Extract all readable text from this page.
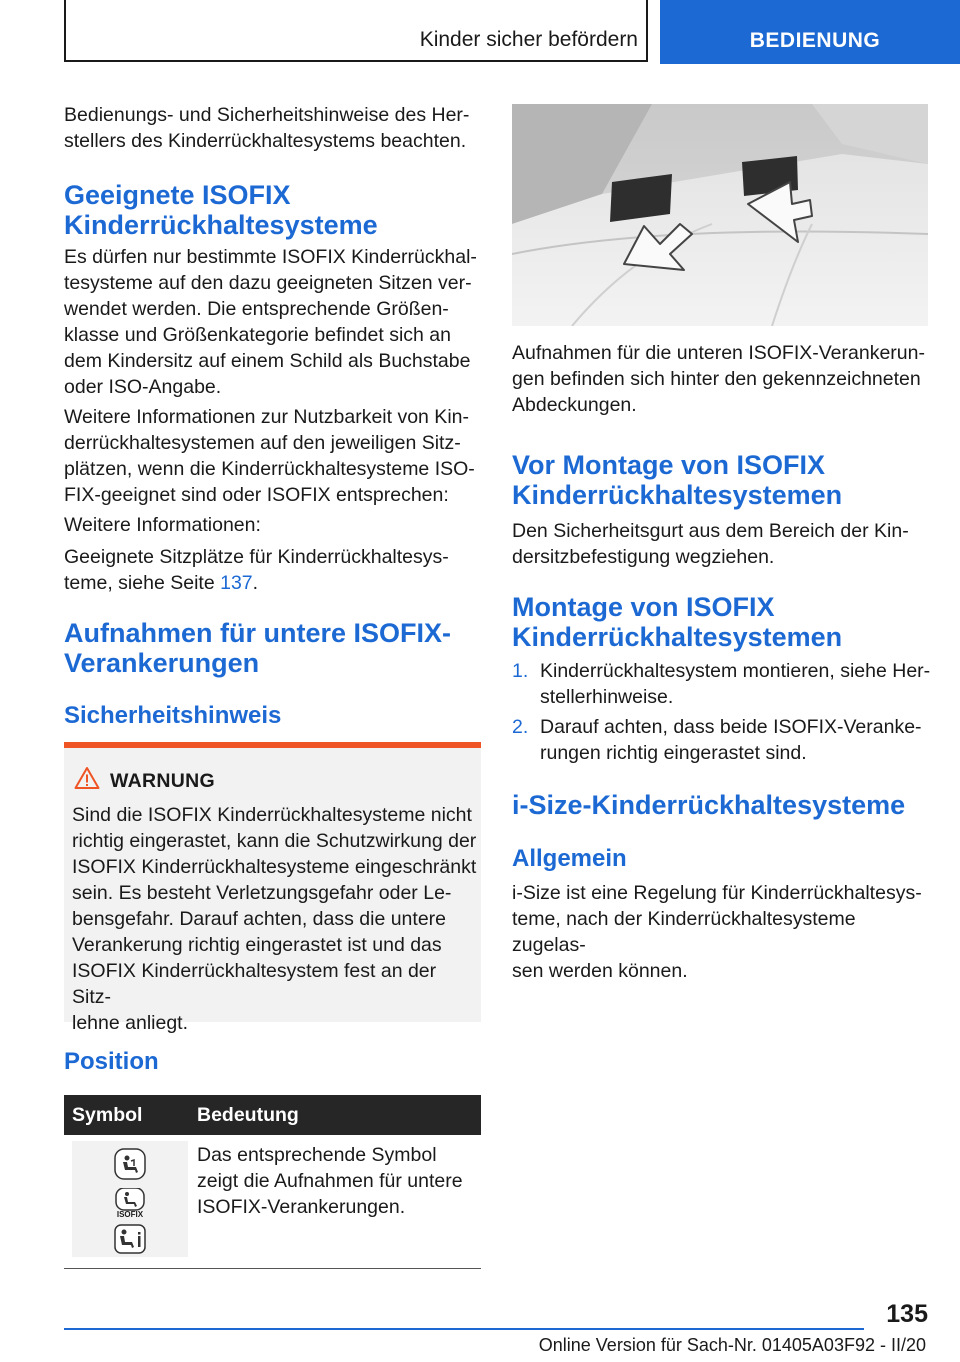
Kinder sicher befördern	BEDIENUNG
Bedienungs- und Sicherheitshinweise des Her-
stellers des Kinderrückhaltesystems beachten.
Geeignete ISOFIX
Kinderrückhaltesysteme
Es dürfen nur bestimmte ISOFIX Kinderrückhal-
tesysteme auf den dazu geeigneten Sitzen ver-
wendet werden. Die entsprechende Größen-
klasse und Größenkategorie befindet sich an
dem Kindersitz auf einem Schild als Buchstabe
oder ISO-Angabe.
Weitere Informationen zur Nutzbarkeit von Kin-
derrückhaltesystemen auf den jeweiligen Sitz-
plätzen, wenn die Kinderrückhaltesysteme ISO-
FIX-geeignet sind oder ISOFIX entsprechen:
Weitere Informationen:
Geeignete Sitzplätze für Kinderrückhaltesys-
teme, siehe Seite 137.
Aufnahmen für untere ISOFIX-
Verankerungen
Sicherheitshinweis
WARNUNG
Sind die ISOFIX Kinderrückhaltesysteme nicht
richtig eingerastet, kann die Schutzwirkung der
ISOFIX Kinderrückhaltesysteme eingeschränkt
sein. Es besteht Verletzungsgefahr oder Le-
bensgefahr. Darauf achten, dass die untere
Verankerung richtig eingerastet ist und das
ISOFIX Kinderrückhaltesystem fest an der Sitz-
lehne anliegt.
Position
Symbol	Bedeutung
ISOFIX
Das entsprechende Symbol
zeigt die Aufnahmen für untere
ISOFIX-Verankerungen.
Aufnahmen für die unteren ISOFIX-Verankerun-
gen befinden sich hinter den gekennzeichneten
Abdeckungen.
Vor Montage von ISOFIX
Kinderrückhaltesystemen
Den Sicherheitsgurt aus dem Bereich der Kin-
dersitzbefestigung wegziehen.
Montage von ISOFIX
Kinderrückhaltesystemen
1. Kinderrückhaltesystem montieren, siehe Her-
stellerhinweise.
2. Darauf achten, dass beide ISOFIX-Veranke-
rungen richtig eingerastet sind.
i-Size-Kinderrückhaltesysteme
Allgemein
i-Size ist eine Regelung für Kinderrückhaltesys-
teme, nach der Kinderrückhaltesysteme zugelas-
sen werden können.
135
Online Version für Sach-Nr. 01405A03F92 - II/20
